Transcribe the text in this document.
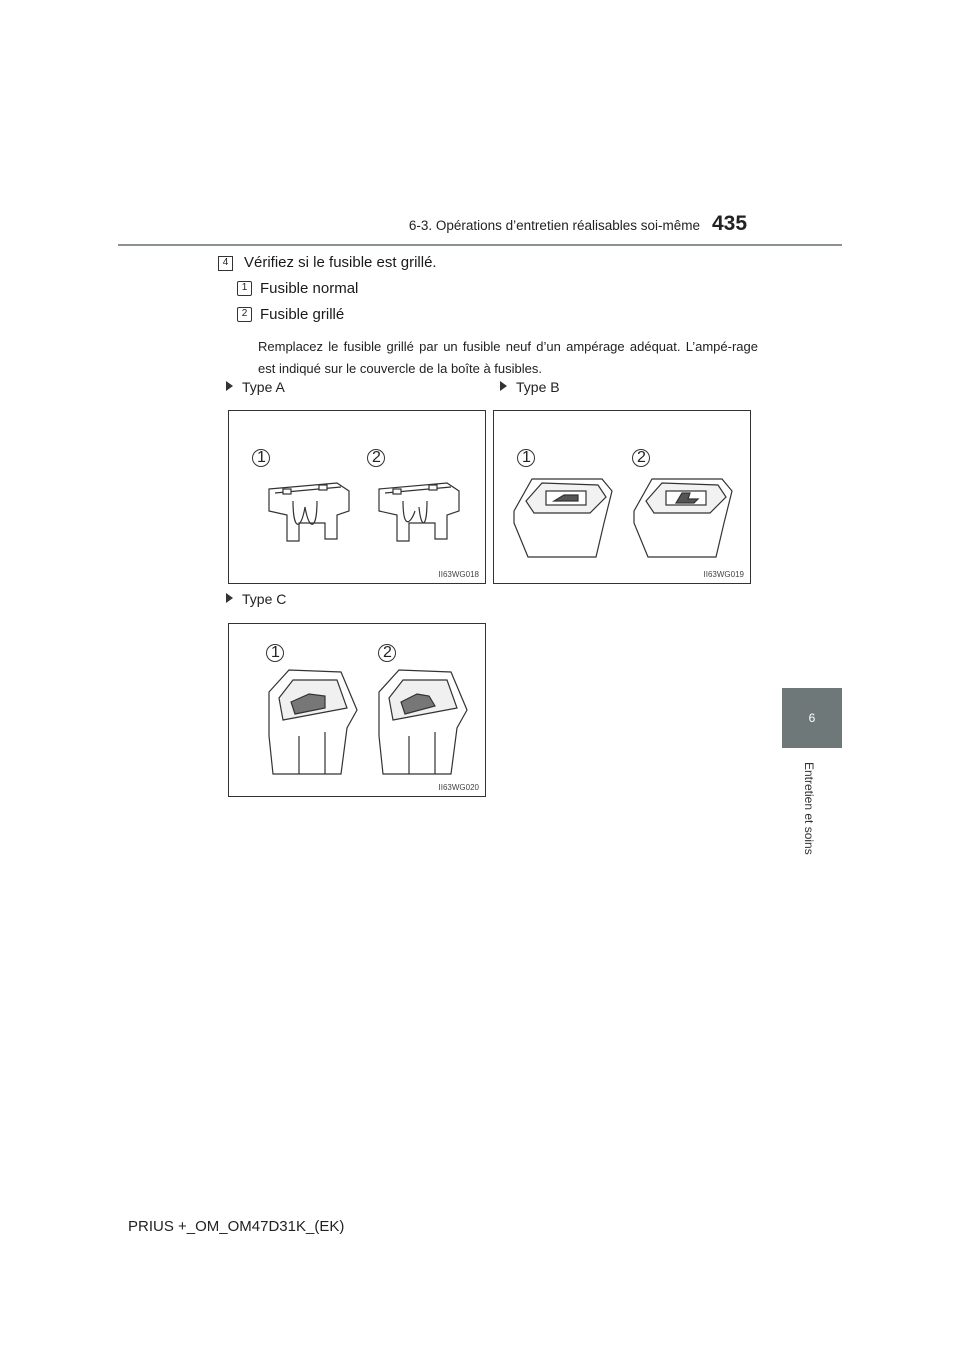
6-3. Opérations d’entretien réalisables soi-même 435
6
Entretien et soins
4	Vérifiez si le fusible est grillé.
1 Fusible normal
2 Fusible grillé
Remplacez le fusible grillé par un fusible neuf d’un ampérage adéquat. L’ampé-rage est indiqué sur le couvercle de la boîte à fusibles.
Type A	Type B
1	2
II63WG018
1	2
II63WG019
Type C
1	2
II63WG020
PRIUS +_OM_OM47D31K_(EK)
